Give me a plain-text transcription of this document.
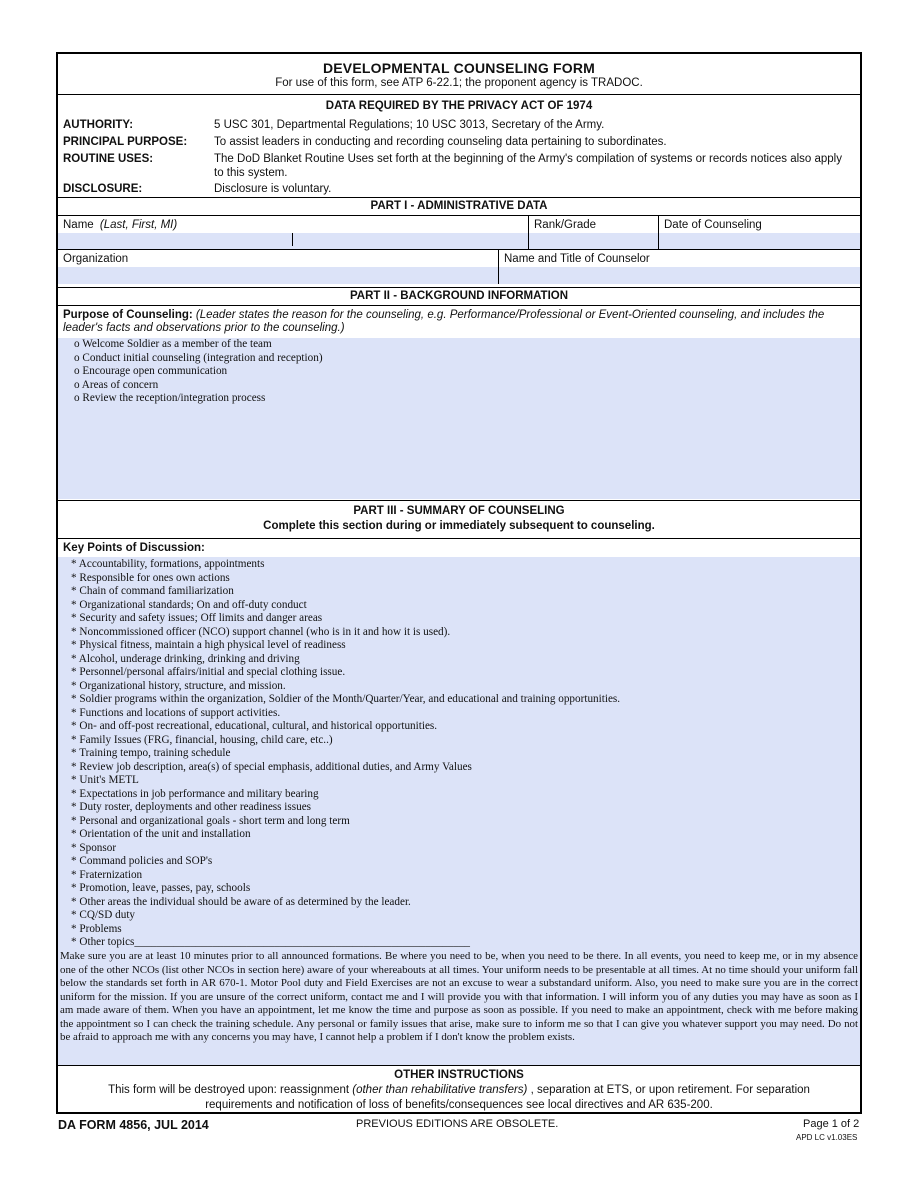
DEVELOPMENTAL COUNSELING FORM
For use of this form, see ATP 6-22.1; the proponent agency is TRADOC.
DATA REQUIRED BY THE PRIVACY ACT OF 1974
AUTHORITY:	5 USC 301, Departmental Regulations; 10 USC 3013, Secretary of the Army.
PRINCIPAL PURPOSE: To assist leaders in conducting and recording counseling data pertaining to subordinates.
ROUTINE USES:	The DoD Blanket Routine Uses set forth at the beginning of the Army's compilation of systems or records notices also apply to this system.
DISCLOSURE:	Disclosure is voluntary.
PART I - ADMINISTRATIVE DATA
Name (Last, First, MI)	Rank/Grade	Date of Counseling
Organization	Name and Title of Counselor
PART II - BACKGROUND INFORMATION
Purpose of Counseling: (Leader states the reason for the counseling, e.g. Performance/Professional or Event-Oriented counseling, and includes the leader's facts and observations prior to the counseling.)
o Welcome Soldier as a member of the team
o Conduct initial counseling (integration and reception)
o Encourage open communication
o Areas of concern
o Review the reception/integration process
PART III - SUMMARY OF COUNSELING
Complete this section during or immediately subsequent to counseling.
Key Points of Discussion:
* Accountability, formations, appointments
* Responsible for ones own actions
* Chain of command familiarization
* Organizational standards; On and off-duty conduct
* Security and safety issues; Off limits and danger areas
* Noncommissioned officer (NCO) support channel (who is in it and how it is used).
* Physical fitness, maintain a high physical level of readiness
* Alcohol, underage drinking, drinking and driving
* Personnel/personal affairs/initial and special clothing issue.
* Organizational history, structure, and mission.
* Soldier programs within the organization, Soldier of the Month/Quarter/Year, and educational and training opportunities.
* Functions and locations of support activities.
* On- and off-post recreational, educational, cultural, and historical opportunities.
* Family Issues (FRG, financial, housing, child care, etc..)
* Training tempo, training schedule
* Review job description, area(s) of special emphasis, additional duties, and Army Values
* Unit's METL
* Expectations in job performance and military bearing
* Duty roster, deployments and other readiness issues
* Personal and organizational goals - short term and long term
* Orientation of the unit and installation
* Sponsor
* Command policies and SOP's
* Fraternization
* Promotion, leave, passes, pay, schools
* Other areas the individual should be aware of as determined by the leader.
* CQ/SD duty
* Problems
* Other topics____________________________________________________________
Make sure you are at least 10 minutes prior to all announced formations. Be where you need to be, when you need to be there. In all events, you need to keep me, or in my absence one of the other NCOs (list other NCOs in section here) aware of your whereabouts at all times. Your uniform needs to be presentable at all times. At no time should your uniform fall below the standards set forth in AR 670-1. Motor Pool duty and Field Exercises are not an excuse to wear a substandard uniform. Also, you need to make sure you are in the correct uniform for the mission. If you are unsure of the correct uniform, contact me and I will provide you with that information. I will inform you of any duties you may have as soon as I am made aware of them. When you have an appointment, let me know the time and purpose as soon as possible. If you need to make an appointment, check with me before making the appointment so I can check the training schedule. Any personal or family issues that arise, make sure to inform me so that I can give you whatever support you may need. Do not be afraid to approach me with any concerns you may have, I cannot help a problem if I don't know the problem exists.
OTHER INSTRUCTIONS
This form will be destroyed upon: reassignment (other than rehabilitative transfers) , separation at ETS, or upon retirement. For separation
requirements and notification of loss of benefits/consequences see local directives and AR 635-200.
DA FORM 4856, JUL 2014	PREVIOUS EDITIONS ARE OBSOLETE.	Page 1 of 2
APD LC v1.03ES
